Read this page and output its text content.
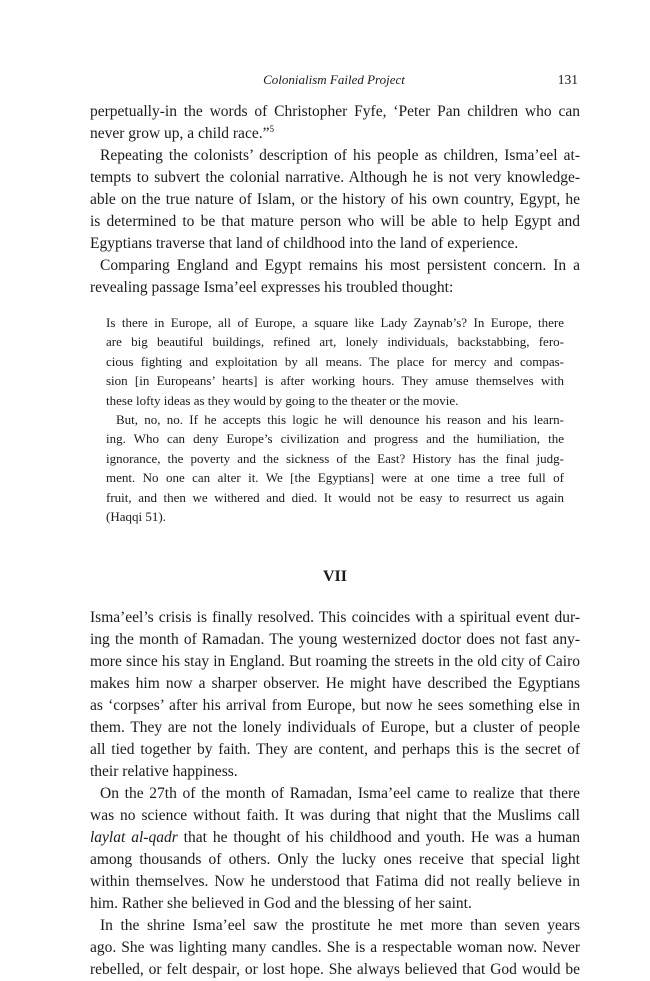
Colonialism Failed Project	131
perpetually-in the words of Christopher Fyfe, ‘Peter Pan children who can
never grow up, a child race.”$^5$
Repeating the colonists’ description of his people as children, Isma’eel at-
tempts to subvert the colonial narrative. Although he is not very knowledge-
able on the true nature of Islam, or the history of his own country, Egypt, he
is determined to be that mature person who will be able to help Egypt and
Egyptians traverse that land of childhood into the land of experience.
Comparing England and Egypt remains his most persistent concern. In a
revealing passage Isma’eel expresses his troubled thought:
Is there in Europe, all of Europe, a square like Lady Zaynab’s? In Europe, there
are big beautiful buildings, refined art, lonely individuals, backstabbing, fero-
cious fighting and exploitation by all means. The place for mercy and compas-
sion [in Europeans’ hearts] is after working hours. They amuse themselves with
these lofty ideas as they would by going to the theater or the movie.
But, no, no. If he accepts this logic he will denounce his reason and his learn-
ing. Who can deny Europe’s civilization and progress and the humiliation, the
ignorance, the poverty and the sickness of the East? History has the final judg-
ment. No one can alter it. We [the Egyptians] were at one time a tree full of
fruit, and then we withered and died. It would not be easy to resurrect us again
(Haqqi 51).
VII
Isma’eel’s crisis is finally resolved. This coincides with a spiritual event dur-
ing the month of Ramadan. The young westernized doctor does not fast any-
more since his stay in England. But roaming the streets in the old city of Cairo
makes him now a sharper observer. He might have described the Egyptians
as ‘corpses’ after his arrival from Europe, but now he sees something else in
them. They are not the lonely individuals of Europe, but a cluster of people
all tied together by faith. They are content, and perhaps this is the secret of
their relative happiness.
On the 27th of the month of Ramadan, Isma’eel came to realize that there
was no science without faith. It was during that night that the Muslims call
laylat al-qadr that he thought of his childhood and youth. He was a human
among thousands of others. Only the lucky ones receive that special light
within themselves. Now he understood that Fatima did not really believe in
him. Rather she believed in God and the blessing of her saint.
In the shrine Isma’eel saw the prostitute he met more than seven years
ago. She was lighting many candles. She is a respectable woman now. Never
rebelled, or felt despair, or lost hope. She always believed that God would be
